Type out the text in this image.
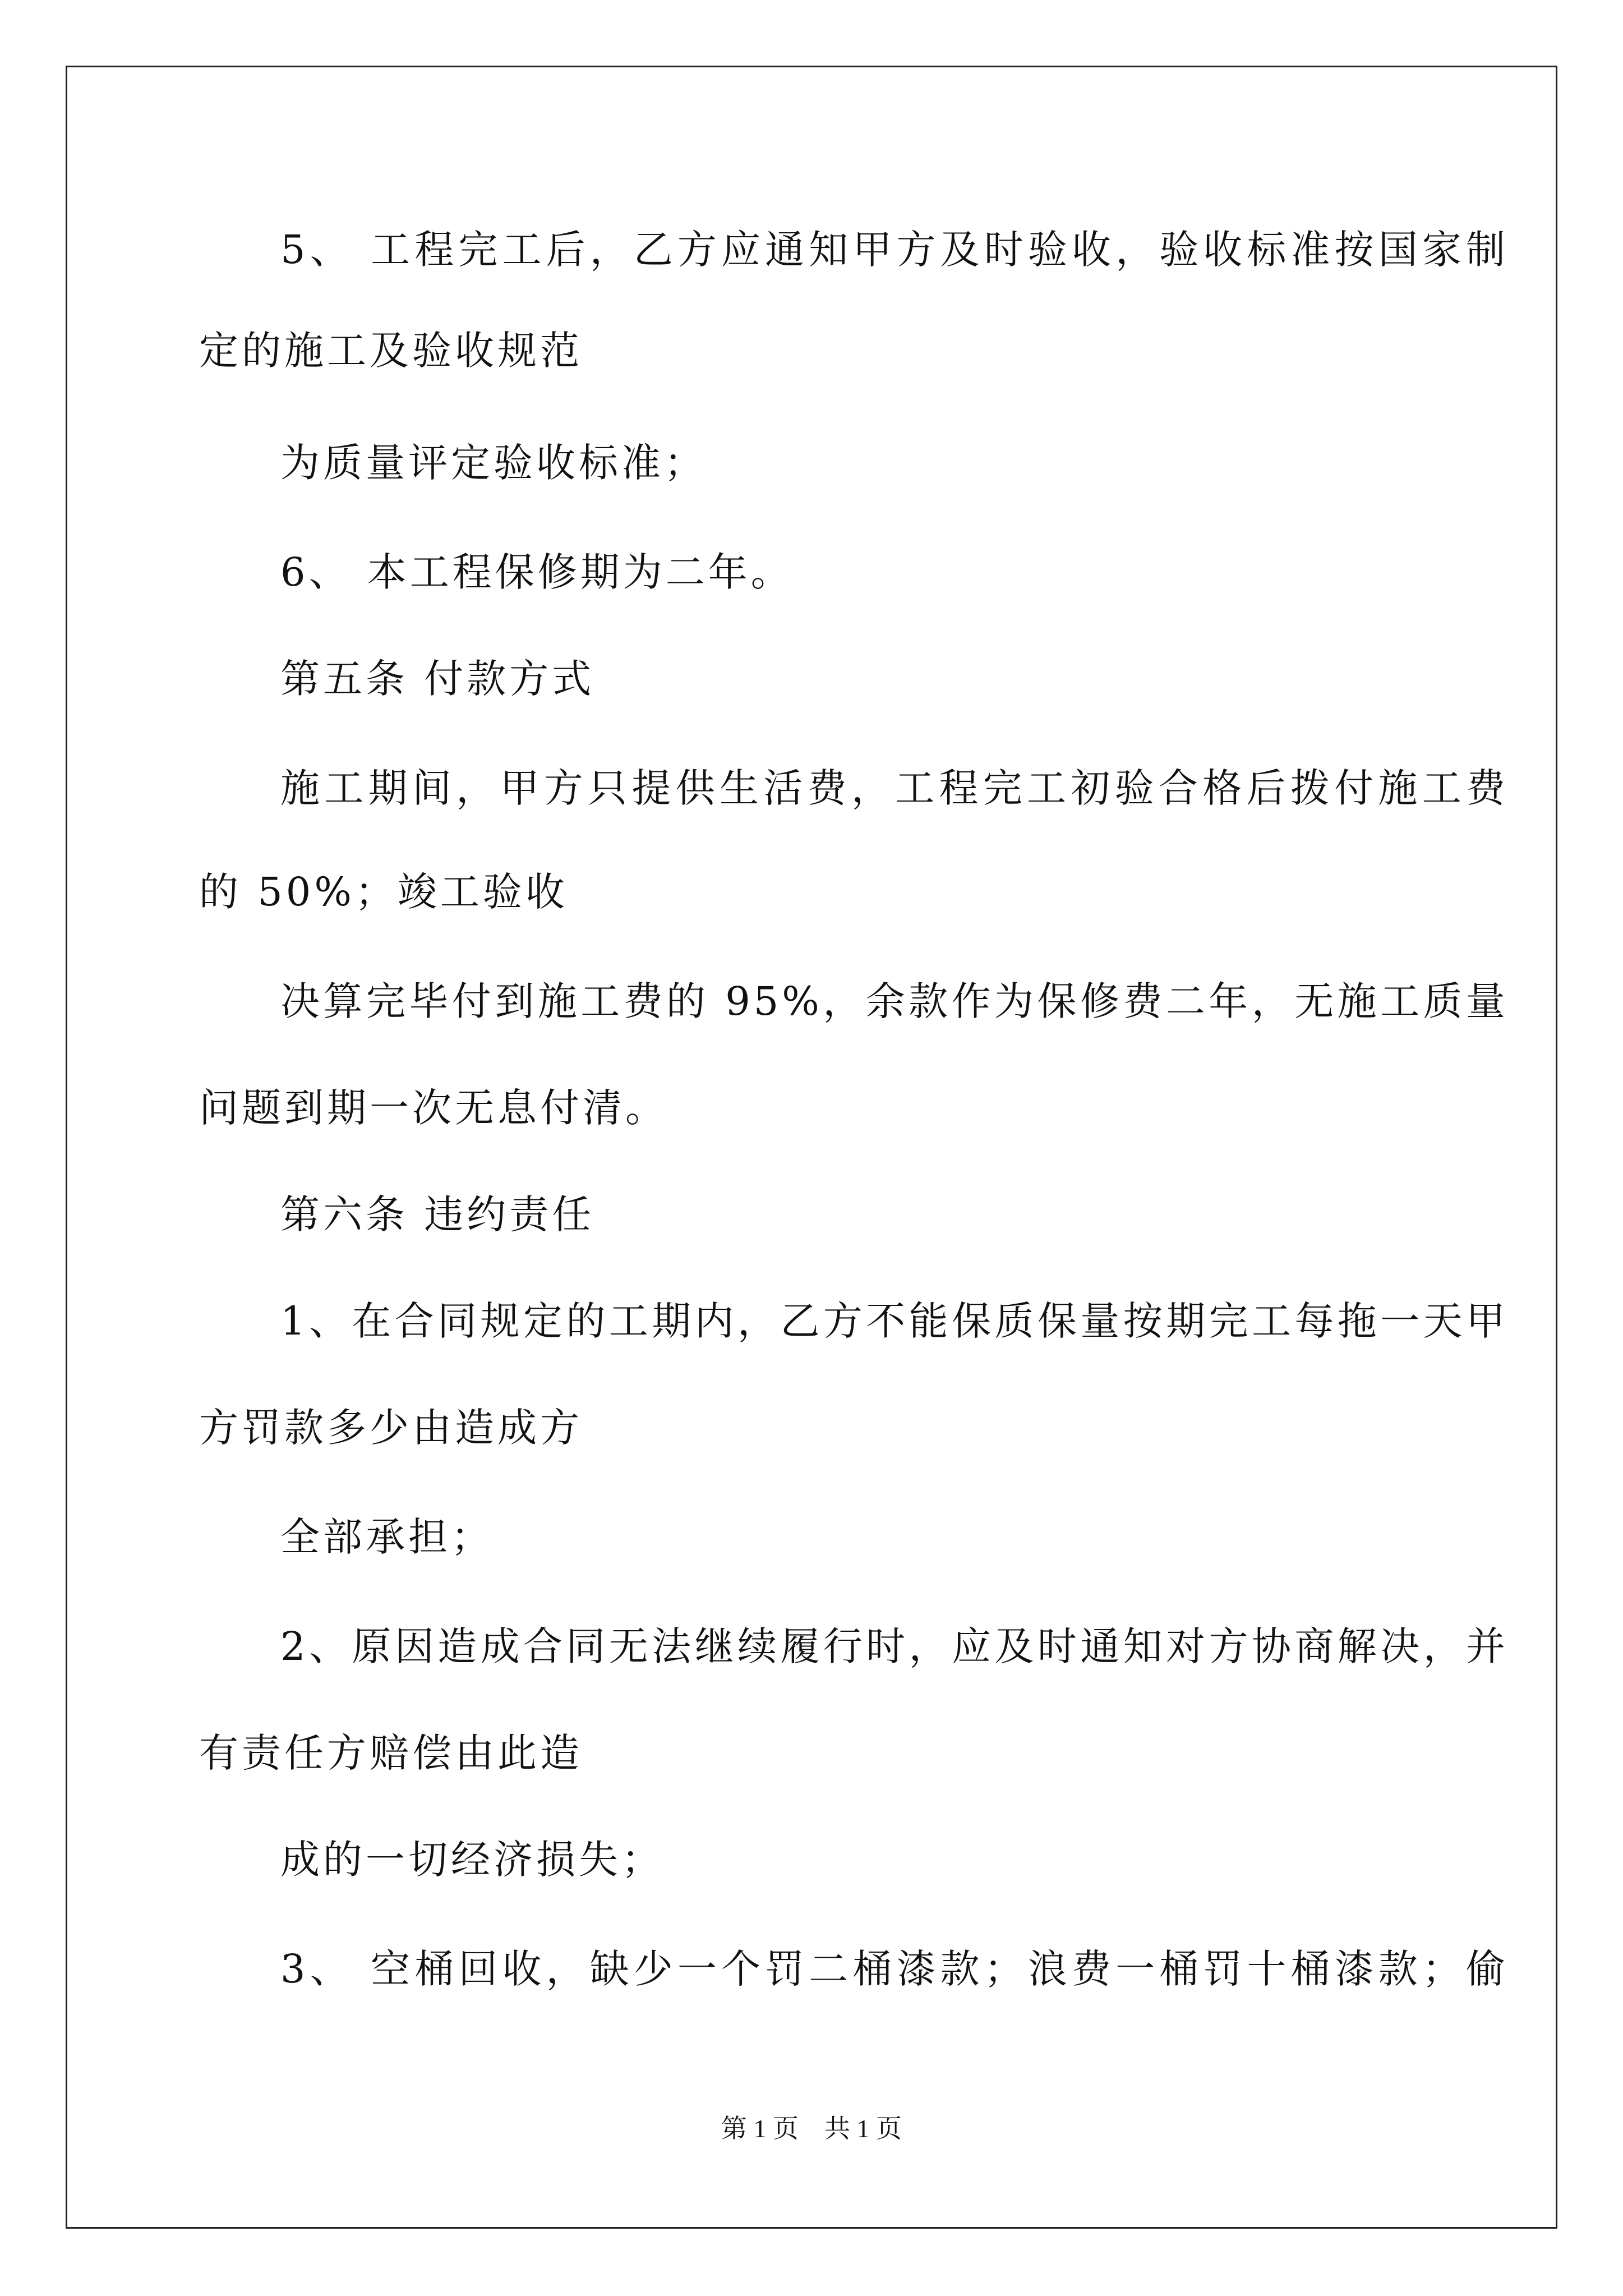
5、 工程完工后，乙方应通知甲方及时验收，验收标准按国家制
定的施工及验收规范
为质量评定验收标准；
6、 本工程保修期为二年。
第五条 付款方式
施工期间，甲方只提供生活费，工程完工初验合格后拨付施工费
的 50%；竣工验收
决算完毕付到施工费的 95%，余款作为保修费二年，无施工质量
问题到期一次无息付清。
第六条 违约责任
1、在合同规定的工期内，乙方不能保质保量按期完工每拖一天甲
方罚款多少由造成方
全部承担；
2、原因造成合同无法继续履行时，应及时通知对方协商解决，并
有责任方赔偿由此造
成的一切经济损失；
3、 空桶回收，缺少一个罚二桶漆款；浪费一桶罚十桶漆款；偷
第 1 页　共 1 页
